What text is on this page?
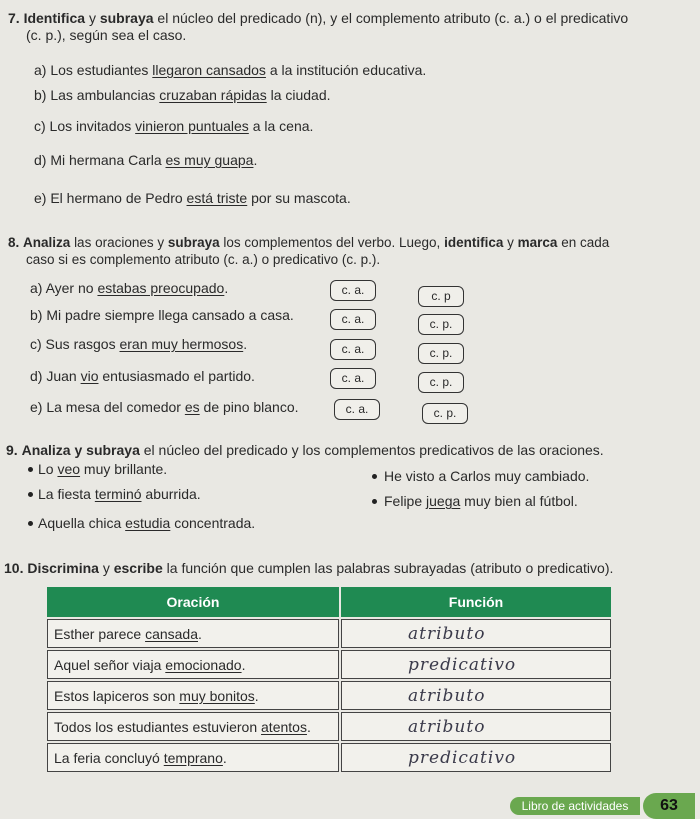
7. Identifica y subraya el núcleo del predicado (n), y el complemento atributo (c. a.) o el predicativo
(c. p.), según sea el caso.
a) Los estudiantes llegaron cansados a la institución educativa.
b) Las ambulancias cruzaban rápidas la ciudad.
c) Los invitados vinieron puntuales a la cena.
d) Mi hermana Carla es muy guapa.
e) El hermano de Pedro está triste por su mascota.
8. Analiza las oraciones y subraya los complementos del verbo. Luego, identifica y marca en cada
caso si es complemento atributo (c. a.) o predicativo (c. p.).
a) Ayer no estabas preocupado.	c. a.	c. p
b) Mi padre siempre llega cansado a casa.	c. a.	c. p.
c) Sus rasgos eran muy hermosos.	c. a.	c. p.
d) Juan vio entusiasmado el partido.	c. a.	c. p.
e) La mesa del comedor es de pino blanco.	c. a.	c. p.
9. Analiza y subraya el núcleo del predicado y los complementos predicativos de las oraciones.
Lo veo muy brillante.	He visto a Carlos muy cambiado.
La fiesta terminó aburrida.	Felipe juega muy bien al fútbol.
Aquella chica estudia concentrada.
10. Discrimina y escribe la función que cumplen las palabras subrayadas (atributo o predicativo).
Oración	Función
Esther parece cansada.	atributo
Aquel señor viaja emocionado.	predicativo
Estos lapiceros son muy bonitos.	atributo
Todos los estudiantes estuvieron atentos.	atributo
La feria concluyó temprano.	predicativo
Libro de actividades	63
